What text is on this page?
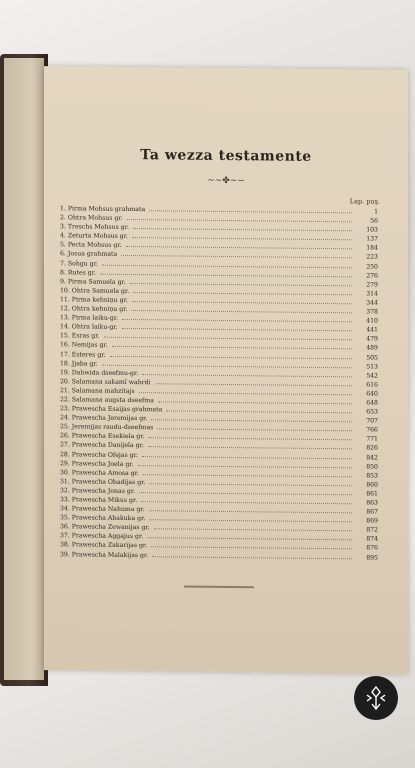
Ta wezza testamente
~~✤~~
Lap. puş.
1. Pirma Mohsus grahmata	1
2. Ohtra Mohsus gr.	56
3. Treschs Mohsus gr.	103
4. Zeturta Mohsus gr.	137
5. Pecta Mohsus gr.	184
6. Josua grahmata	223
7. Sohgu gr.	250
8. Rutes gr.	276
9. Pirma Samuela gr.	279
10. Ohtra Samuela gr.	314
11. Pirma kehniņu gr.	344
12. Ohtra kehniņu gr.	378
13. Pirma laiku-gr.	410
14. Ohtra laiku-gr.	441
15. Esras gr.	479
16. Nemijas gr.	489
17. Esteres gr.	505
18. Jjaba gr.	513
19. Dahwida dseefmu-gr.	542
20. Salamana sakamî wahrdi	616
21. Salamana mahzitajs	640
22. Salamana augsta dseefma	648
23. Prawescha Esaijas grahmata	653
24. Prawescha Jeremijas gr.	707
25. Jeremijas raudu-dseefmas	766
26. Prawescha Esekiela gr.	771
27. Prawescha Danijela gr.	826
28. Prawescha Ofejas gr.	842
29. Prawescha Joela gr.	850
30. Prawescha Amosa gr.	853
31. Prawescha Obadijas gr.	860
32. Prawescha Jonas gr.	861
33. Prawescha Mikus gr.	863
34. Prawescha Nahuma gr.	867
35. Prawescha Abakuka gr.	869
36. Prawescha Zewanijas gr.	872
37. Prawescha Aggajus gr.	874
38. Prawescha Zakarijas gr.	876
39. Prawescha Malakijas gr.	895
